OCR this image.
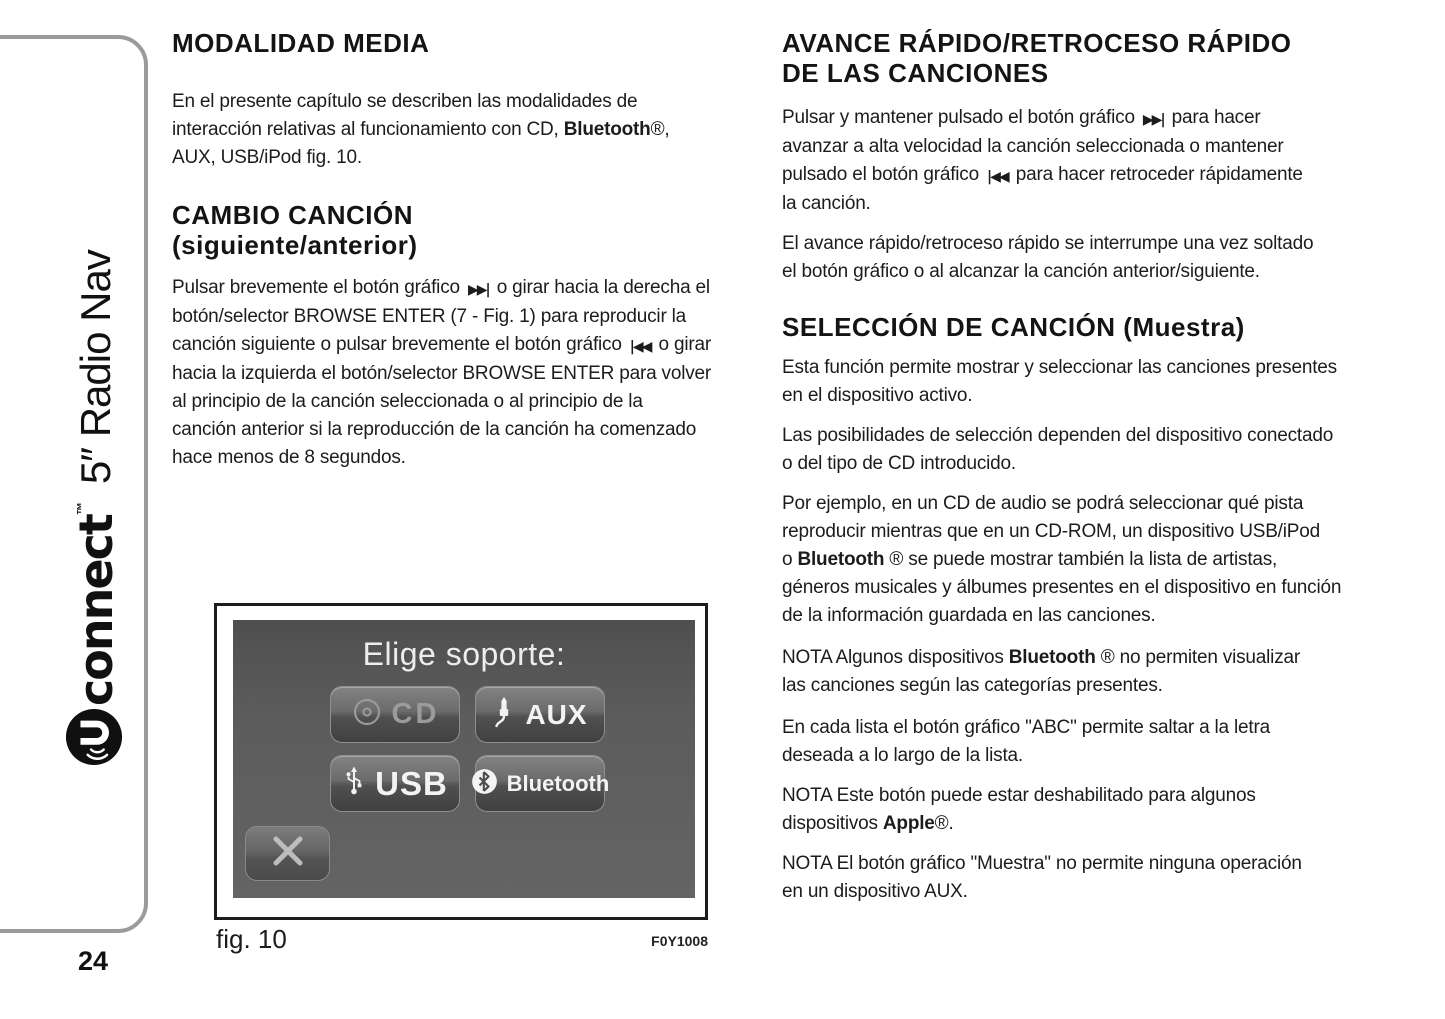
connect
™
5″ Radio Nav
24
MODALIDAD MEDIA

En el presente capítulo se describen las modalidades de
interacción relativas al funcionamiento con CD, Bluetooth®,
AUX, USB/iPod fig. 10.

CAMBIO CANCIÓN
(siguiente/anterior)

Pulsar brevemente el botón gráfico ▶▶| o girar hacia la derecha el
botón/selector BROWSE ENTER (7 - Fig. 1) para reproducir la
canción siguiente o pulsar brevemente el botón gráfico |◀◀ o girar
hacia la izquierda el botón/selector BROWSE ENTER para volver
al principio de la canción seleccionada o al principio de la
canción anterior si la reproducción de la canción ha comenzado
hace menos de 8 segundos.

AVANCE RÁPIDO/RETROCESO RÁPIDO
DE LAS CANCIONES

Pulsar y mantener pulsado el botón gráfico ▶▶| para hacer
avanzar a alta velocidad la canción seleccionada o mantener
pulsado el botón gráfico |◀◀ para hacer retroceder rápidamente
la canción.

El avance rápido/retroceso rápido se interrumpe una vez soltado
el botón gráfico o al alcanzar la canción anterior/siguiente.

SELECCIÓN DE CANCIÓN (Muestra)

Esta función permite mostrar y seleccionar las canciones presentes
en el dispositivo activo.

Las posibilidades de selección dependen del dispositivo conectado
o del tipo de CD introducido.

Por ejemplo, en un CD de audio se podrá seleccionar qué pista
reproducir mientras que en un CD-ROM, un dispositivo USB/iPod
o Bluetooth ® se puede mostrar también la lista de artistas,
géneros musicales y álbumes presentes en el dispositivo en función
de la información guardada en las canciones.

NOTA Algunos dispositivos Bluetooth ® no permiten visualizar
las canciones según las categorías presentes.

En cada lista el botón gráfico "ABC" permite saltar a la letra
deseada a lo largo de la lista.

NOTA Este botón puede estar deshabilitado para algunos
dispositivos Apple®.

NOTA El botón gráfico "Muestra" no permite ninguna operación
en un dispositivo AUX.

Elige soporte:
CD	AUX
USB	Bluetooth
fig. 10	F0Y1008
